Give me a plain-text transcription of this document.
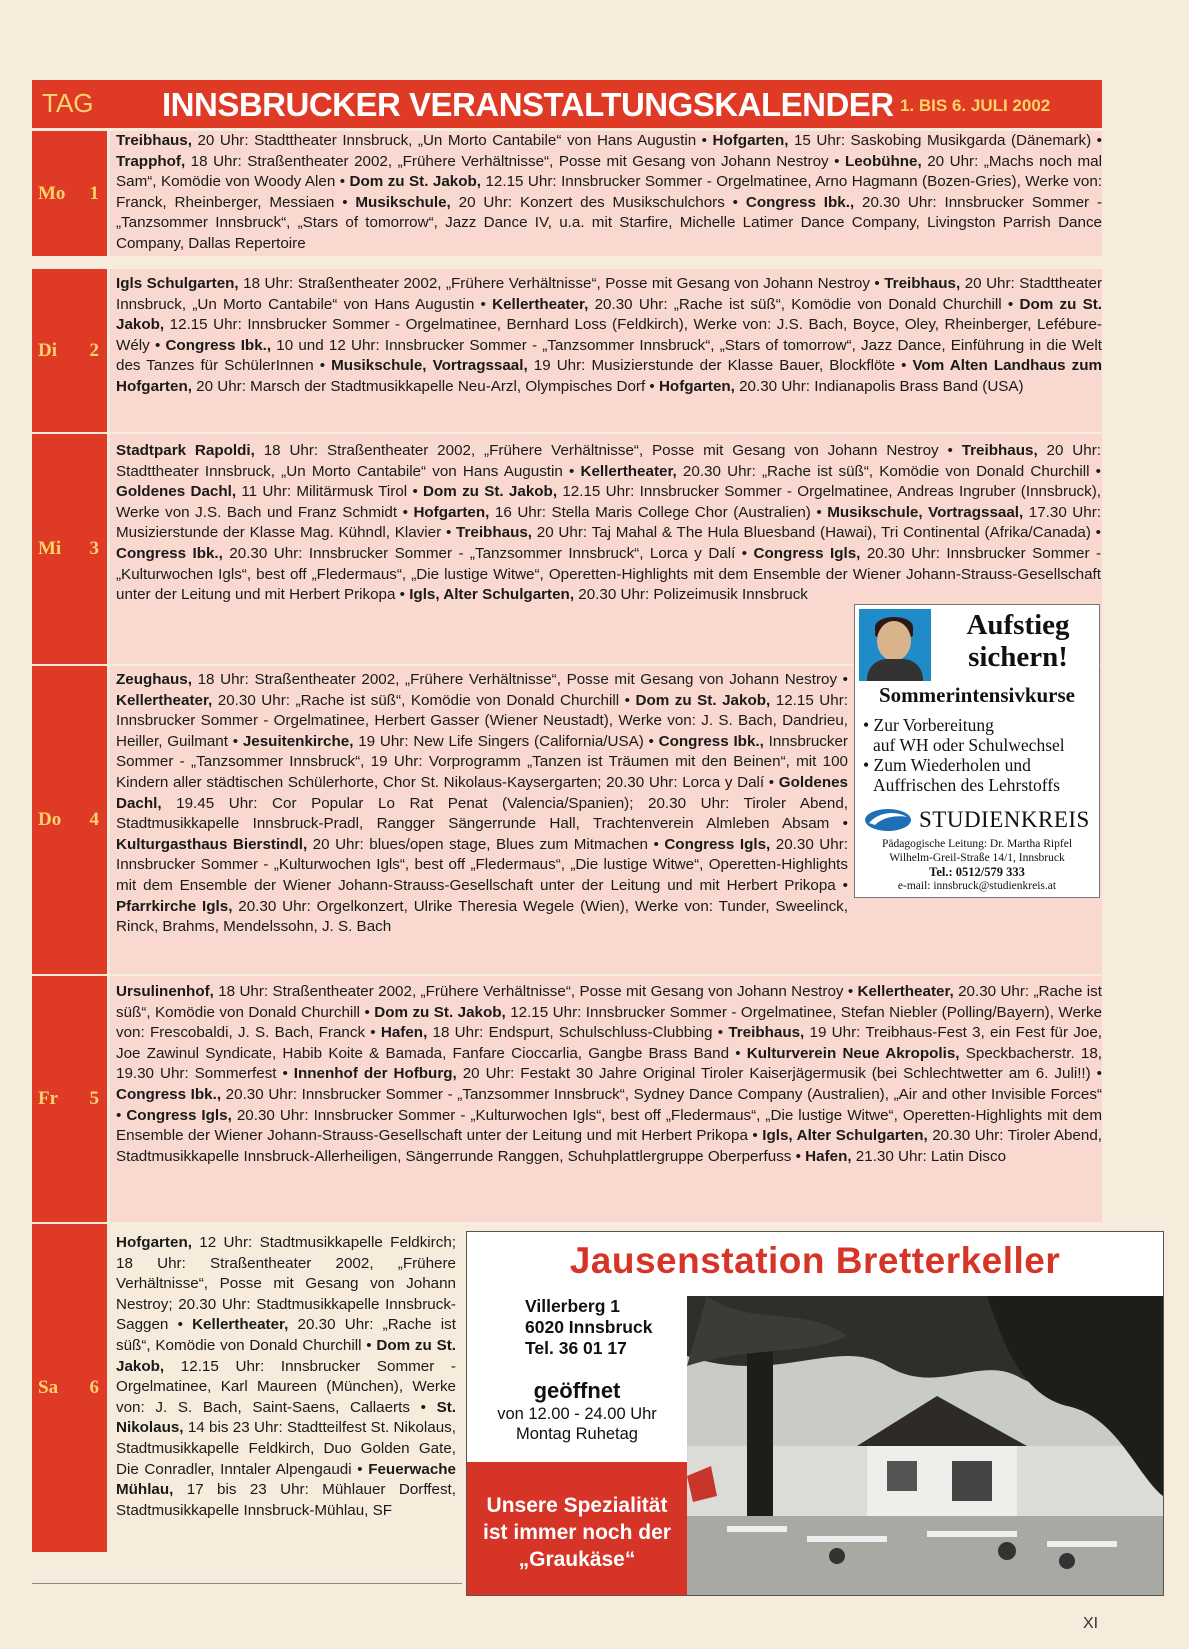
TAG INNSBRUCKER VERANSTALTUNGSKALENDER 1. BIS 6. JULI 2002
Mo 1
Treibhaus, 20 Uhr: Stadttheater Innsbruck, „Un Morto Cantabile“ von Hans Augustin • Hofgarten, 15 Uhr: Saskobing Musikgarda (Dänemark) • Trapphof, 18 Uhr: Straßentheater 2002, „Frühere Verhältnisse“, Posse mit Gesang von Johann Nestroy • Leobühne, 20 Uhr: „Machs noch mal Sam“, Komödie von Woody Alen • Dom zu St. Jakob, 12.15 Uhr: Innsbrucker Sommer - Orgelmatinee, Arno Hagmann (Bozen-Gries), Werke von: Franck, Rheinberger, Messiaen • Musikschule, 20 Uhr: Konzert des Musikschulchors • Congress Ibk., 20.30 Uhr: Innsbrucker Sommer - „Tanzsommer Innsbruck“, „Stars of tomorrow“, Jazz Dance IV, u.a. mit Starfire, Michelle Latimer Dance Company, Livingston Parrish Dance Company, Dallas Repertoire
Di 2
Igls Schulgarten, 18 Uhr: Straßentheater 2002, „Frühere Verhältnisse“, Posse mit Gesang von Johann Nestroy • Treibhaus, 20 Uhr: Stadttheater Innsbruck, „Un Morto Cantabile“ von Hans Augustin • Kellertheater, 20.30 Uhr: „Rache ist süß“, Komödie von Donald Churchill • Dom zu St. Jakob, 12.15 Uhr: Innsbrucker Sommer - Orgelmatinee, Bernhard Loss (Feldkirch), Werke von: J.S. Bach, Boyce, Oley, Rheinberger, Lefébure-Wély • Congress Ibk., 10 und 12 Uhr: Innsbrucker Sommer - „Tanzsommer Innsbruck“, „Stars of tomorrow“, Jazz Dance, Einführung in die Welt des Tanzes für SchülerInnen • Musikschule, Vortragssaal, 19 Uhr: Musizierstunde der Klasse Bauer, Blockflöte • Vom Alten Landhaus zum Hofgarten, 20 Uhr: Marsch der Stadtmusikkapelle Neu-Arzl, Olympisches Dorf • Hofgarten, 20.30 Uhr: Indianapolis Brass Band (USA)
Mi 3
Stadtpark Rapoldi, 18 Uhr: Straßentheater 2002, „Frühere Verhältnisse“, Posse mit Gesang von Johann Nestroy • Treibhaus, 20 Uhr: Stadttheater Innsbruck, „Un Morto Cantabile“ von Hans Augustin • Kellertheater, 20.30 Uhr: „Rache ist süß“, Komödie von Donald Churchill • Goldenes Dachl, 11 Uhr: Militärmusk Tirol • Dom zu St. Jakob, 12.15 Uhr: Innsbrucker Sommer - Orgelmatinee, Andreas Ingruber (Innsbruck), Werke von J.S. Bach und Franz Schmidt • Hofgarten, 16 Uhr: Stella Maris College Chor (Australien) • Musikschule, Vortragssaal, 17.30 Uhr: Musizierstunde der Klasse Mag. Kühndl, Klavier • Treibhaus, 20 Uhr: Taj Mahal & The Hula Bluesband (Hawai), Tri Continental (Afrika/Canada) • Congress Ibk., 20.30 Uhr: Innsbrucker Sommer - „Tanzsommer Innsbruck“, Lorca y Dalí • Congress Igls, 20.30 Uhr: Innsbrucker Sommer - „Kulturwochen Igls“, best off „Fledermaus“, „Die lustige Witwe“, Operetten-Highlights mit dem Ensemble der Wiener Johann-Strauss-Gesellschaft unter der Leitung und mit Herbert Prikopa • Igls, Alter Schulgarten, 20.30 Uhr: Polizeimusik Innsbruck
Do 4
Zeughaus, 18 Uhr: Straßentheater 2002, „Frühere Verhältnisse“, Posse mit Gesang von Johann Nestroy • Kellertheater, 20.30 Uhr: „Rache ist süß“, Komödie von Donald Churchill • Dom zu St. Jakob, 12.15 Uhr: Innsbrucker Sommer - Orgelmatinee, Herbert Gasser (Wiener Neustadt), Werke von: J. S. Bach, Dandrieu, Heiller, Guilmant • Jesuitenkirche, 19 Uhr: New Life Singers (California/USA) • Congress Ibk., Innsbrucker Sommer - „Tanzsommer Innsbruck“, 19 Uhr: Vorprogramm „Tanzen ist Träumen mit den Beinen“, mit 100 Kindern aller städtischen Schülerhorte, Chor St. Nikolaus-Kaysergarten; 20.30 Uhr: Lorca y Dalí • Goldenes Dachl, 19.45 Uhr: Cor Popular Lo Rat Penat (Valencia/Spanien); 20.30 Uhr: Tiroler Abend, Stadtmusikkapelle Innsbruck-Pradl, Rangger Sängerrunde Hall, Trachtenverein Almleben Absam • Kulturgasthaus Bierstindl, 20 Uhr: blues/open stage, Blues zum Mitmachen • Congress Igls, 20.30 Uhr: Innsbrucker Sommer - „Kulturwochen Igls“, best off „Fledermaus“, „Die lustige Witwe“, Operetten-Highlights mit dem Ensemble der Wiener Johann-Strauss-Gesellschaft unter der Leitung und mit Herbert Prikopa • Pfarrkirche Igls, 20.30 Uhr: Orgelkonzert, Ulrike Theresia Wegele (Wien), Werke von: Tunder, Sweelinck, Rinck, Brahms, Mendelssohn, J. S. Bach
Fr 5
Ursulinenhof, 18 Uhr: Straßentheater 2002, „Frühere Verhältnisse“, Posse mit Gesang von Johann Nestroy • Kellertheater, 20.30 Uhr: „Rache ist süß“, Komödie von Donald Churchill • Dom zu St. Jakob, 12.15 Uhr: Innsbrucker Sommer - Orgelmatinee, Stefan Niebler (Polling/Bayern), Werke von: Frescobaldi, J. S. Bach, Franck • Hafen, 18 Uhr: Endspurt, Schulschluss-Clubbing • Treibhaus, 19 Uhr: Treibhaus-Fest 3, ein Fest für Joe, Joe Zawinul Syndicate, Habib Koite & Bamada, Fanfare Cioccarlia, Gangbe Brass Band • Kulturverein Neue Akropolis, Speckbacherstr. 18, 19.30 Uhr: Sommerfest • Innenhof der Hofburg, 20 Uhr: Festakt 30 Jahre Original Tiroler Kaiserjägermusik (bei Schlechtwetter am 6. Juli!!) • Congress Ibk., 20.30 Uhr: Innsbrucker Sommer - „Tanzsommer Innsbruck“, Sydney Dance Company (Australien), „Air and other Invisible Forces“ • Congress Igls, 20.30 Uhr: Innsbrucker Sommer - „Kulturwochen Igls“, best off „Fledermaus“, „Die lustige Witwe“, Operetten-Highlights mit dem Ensemble der Wiener Johann-Strauss-Gesellschaft unter der Leitung und mit Herbert Prikopa • Igls, Alter Schulgarten, 20.30 Uhr: Tiroler Abend, Stadtmusikkapelle Innsbruck-Allerheiligen, Sängerrunde Ranggen, Schuhplattlergruppe Oberperfuss • Hafen, 21.30 Uhr: Latin Disco
Sa 6
Hofgarten, 12 Uhr: Stadtmusikkapelle Feldkirch; 18 Uhr: Straßentheater 2002, „Frühere Verhältnisse“, Posse mit Gesang von Johann Nestroy; 20.30 Uhr: Stadtmusikkapelle Innsbruck-Saggen • Kellertheater, 20.30 Uhr: „Rache ist süß“, Komödie von Donald Churchill • Dom zu St. Jakob, 12.15 Uhr: Innsbrucker Sommer - Orgelmatinee, Karl Maureen (München), Werke von: J. S. Bach, Saint-Saens, Callaerts • St. Nikolaus, 14 bis 23 Uhr: Stadtteilfest St. Nikolaus, Stadtmusikkapelle Feldkirch, Duo Golden Gate, Die Conradler, Inntaler Alpengaudi • Feuerwache Mühlau, 17 bis 23 Uhr: Mühlauer Dorffest, Stadtmusikkapelle Innsbruck-Mühlau, SF
Aufstieg sichern!
Sommerintensivkurse
• Zur Vorbereitung
auf WH oder Schulwechsel
• Zum Wiederholen und
Auffrischen des Lehrstoffs
STUDIENKREIS
Pädagogische Leitung: Dr. Martha Ripfel
Wilhelm-Greil-Straße 14/1, Innsbruck
Tel.: 0512/579 333
e-mail: innsbruck@studienkreis.at
Jausenstation Bretterkeller
Villerberg 1
6020 Innsbruck
Tel. 36 01 17
geöffnet
von 12.00 - 24.00 Uhr
Montag Ruhetag
Unsere Spezialität
ist immer noch der
„Graukäse“
XI
